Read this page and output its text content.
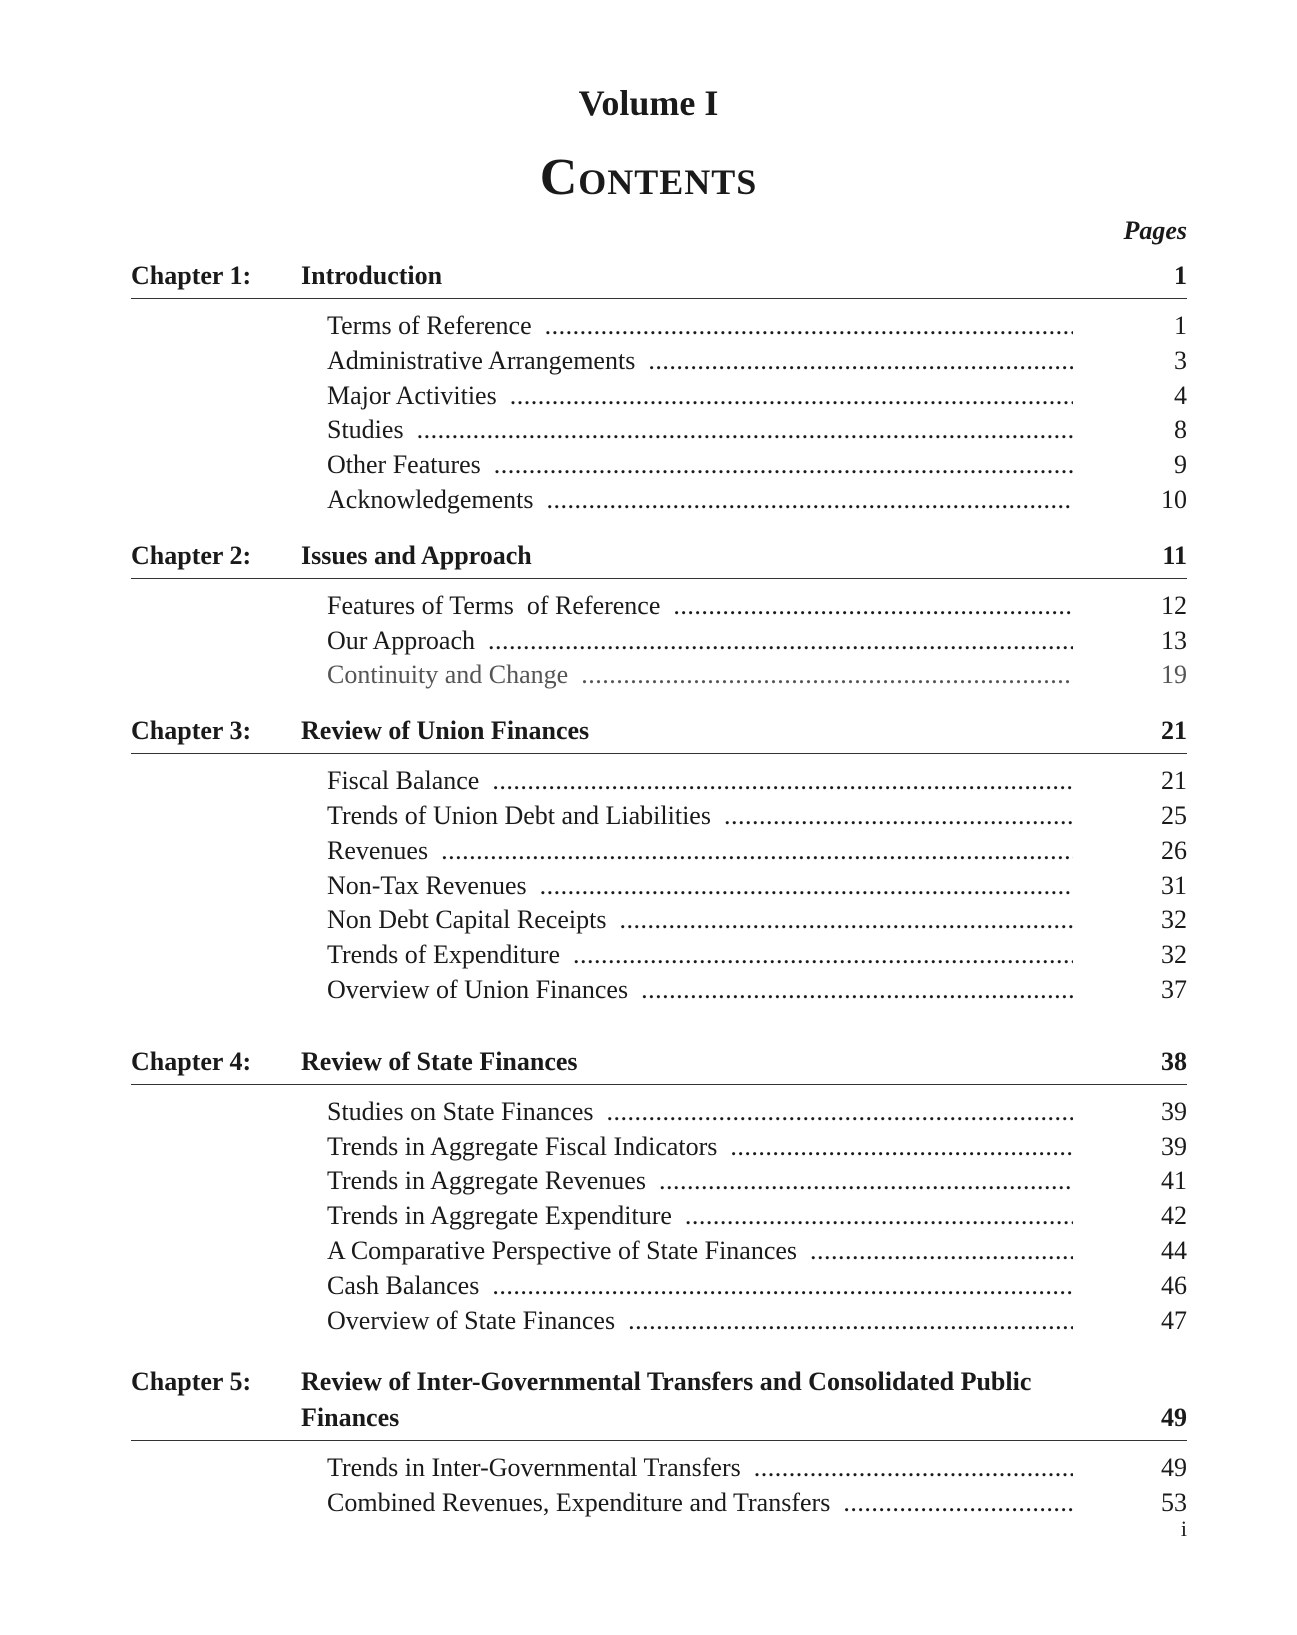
Volume I
Contents
Pages
Chapter 1:	Introduction	1
Terms of Reference .....	1
Administrative Arrangements .....	3
Major Activities .....	4
Studies .....	8
Other Features .....	9
Acknowledgements .....	10
Chapter 2:	Issues and Approach	11
Features of Terms  of Reference .....	12
Our Approach .....	13
Continuity and Change .....	19
Chapter 3:	Review of Union Finances	21
Fiscal Balance .....	21
Trends of Union Debt and Liabilities .....	25
Revenues .....	26
Non-Tax Revenues .....	31
Non Debt Capital Receipts .....	32
Trends of Expenditure .....	32
Overview of Union Finances .....	37
Chapter 4:	Review of State Finances	38
Studies on State Finances .....	39
Trends in Aggregate Fiscal Indicators .....	39
Trends in Aggregate Revenues .....	41
Trends in Aggregate Expenditure .....	42
A Comparative Perspective of State Finances .....	44
Cash Balances .....	46
Overview of State Finances .....	47
Chapter 5:	Review of Inter-Governmental Transfers and Consolidated Public Finances	49
Trends in Inter-Governmental Transfers .....	49
Combined Revenues, Expenditure and Transfers .....	53
i
